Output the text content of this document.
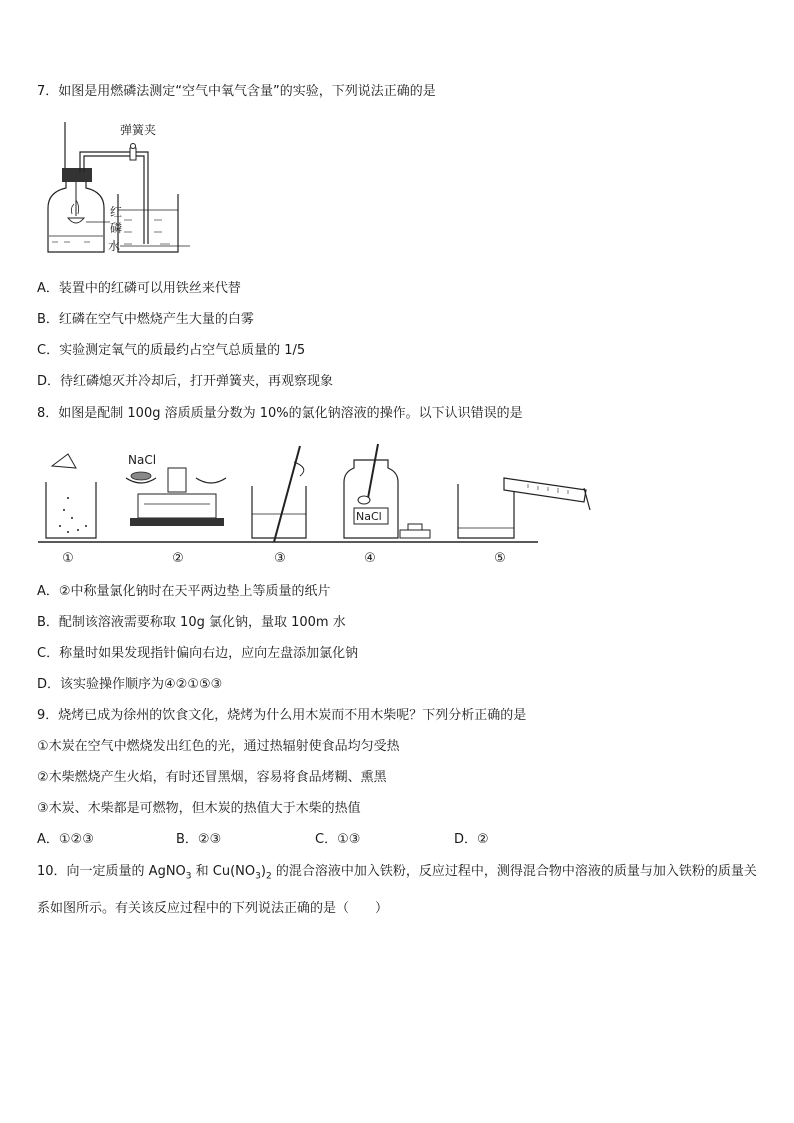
7．如图是用燃磷法测定“空气中氧气含量”的实验，下列说法正确的是
弹簧夹
红
磷
水
A．装置中的红磷可以用铁丝来代替
B．红磷在空气中燃烧产生大量的白雾
C．实验测定氧气的质最约占空气总质量的 1/5
D．待红磷熄灭并冷却后，打开弹簧夹，再观察现象
8．如图是配制 100g 溶质质量分数为 10%的氯化钠溶液的操作。以下认识错误的是
NaCl
NaCl
①	②	③	④	⑤
A．②中称量氯化钠时在天平两边垫上等质量的纸片
B．配制该溶液需要称取 10g 氯化钠，量取 100m 水
C．称量时如果发现指针偏向右边，应向左盘添加氯化钠
D．该实验操作顺序为④②①⑤③
9．烧烤已成为徐州的饮食文化，烧烤为什么用木炭而不用木柴呢？下列分析正确的是
①木炭在空气中燃烧发出红色的光，通过热辐射使食品均匀受热
②木柴燃烧产生火焰，有时还冒黑烟，容易将食品烤糊、熏黑
③木炭、木柴都是可燃物，但木炭的热值大于木柴的热值
A．①②③	B．②③	C．①③	D．②
10．向一定质量的 AgNO$_3$ 和 $Cu(NO_3)_2$ 的混合溶液中加入铁粉，反应过程中，测得混合物中溶液的质量与加入铁粉的质量关系如图所示。有关该反应过程中的下列说法正确的是（　　）
